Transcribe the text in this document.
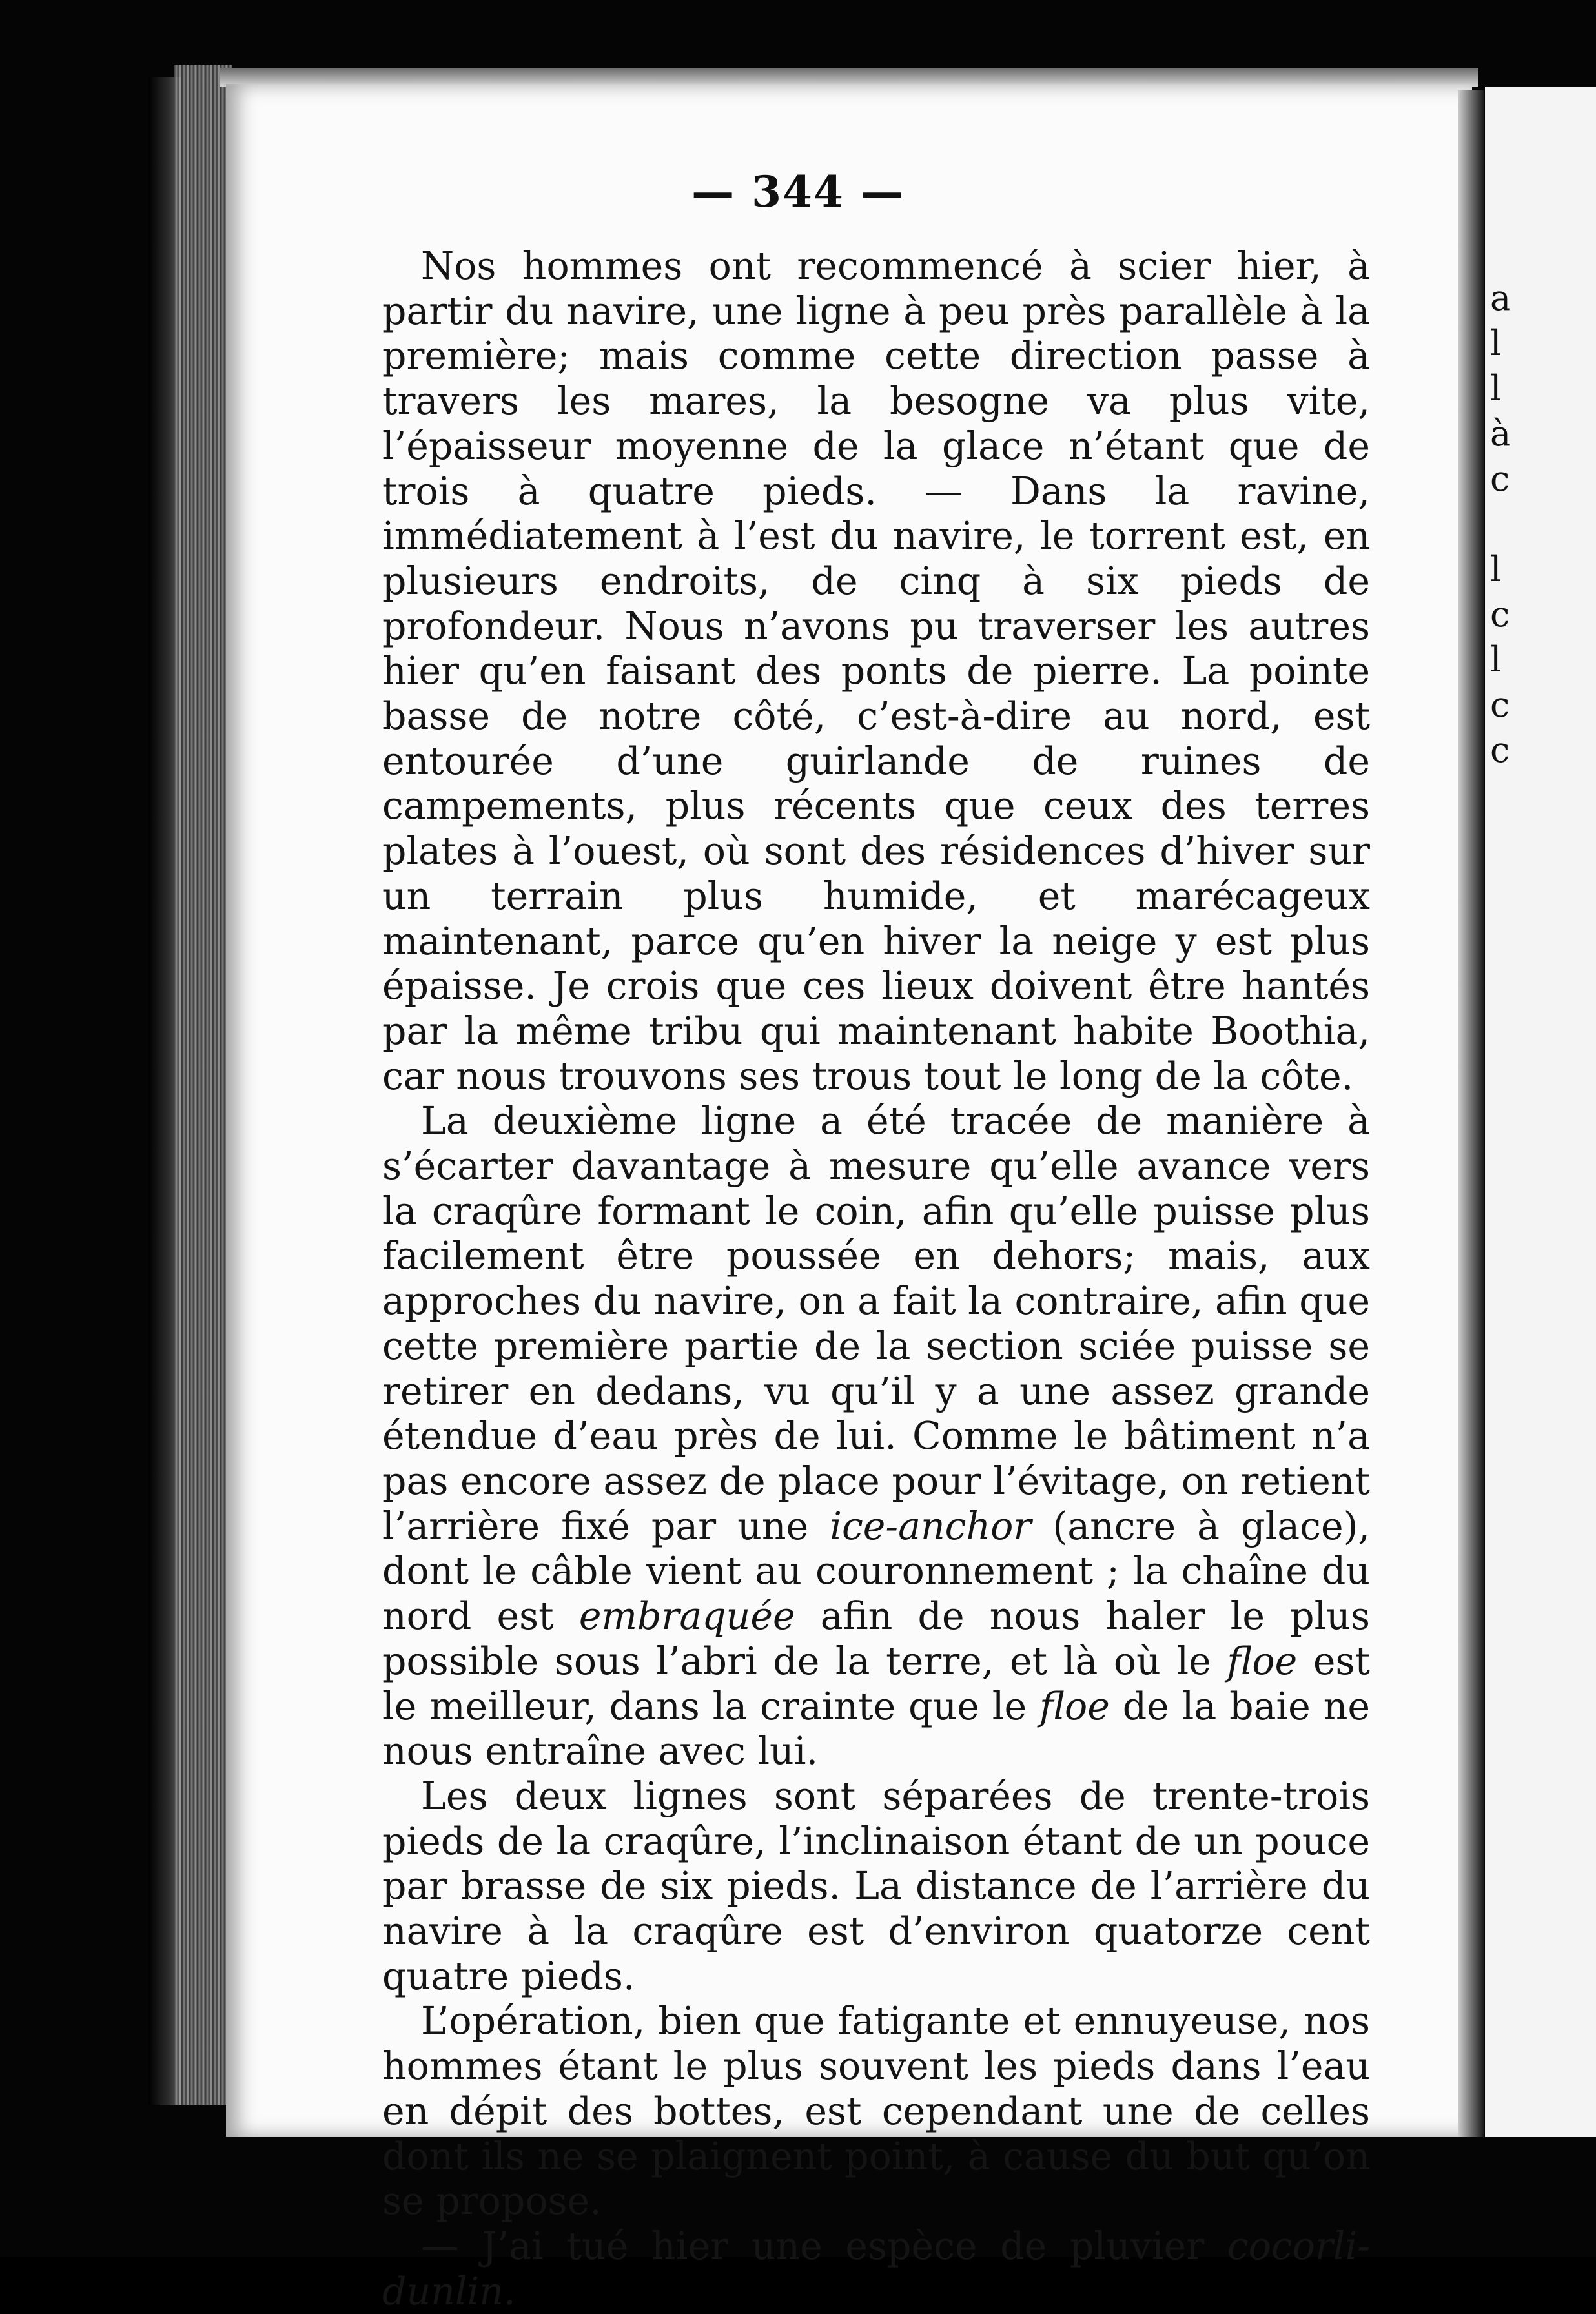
— 344 —

Nos hommes ont recommencé à scier hier, à partir du navire, une ligne à peu près parallèle à la première; mais comme cette direction passe à travers les mares, la besogne va plus vite, l’épaisseur moyenne de la glace n’étant que de trois à quatre pieds. — Dans la ravine, immédiatement à l’est du navire, le torrent est, en plusieurs endroits, de cinq à six pieds de profondeur. Nous n’avons pu traverser les autres hier qu’en faisant des ponts de pierre. La pointe basse de notre côté, c’est-à-dire au nord, est entourée d’une guirlande de ruines de campements, plus récents que ceux des terres plates à l’ouest, où sont des résidences d’hiver sur un terrain plus humide, et marécageux maintenant, parce qu’en hiver la neige y est plus épaisse. Je crois que ces lieux doivent être hantés par la même tribu qui maintenant habite Boothia, car nous trouvons ses trous tout le long de la côte.

La deuxième ligne a été tracée de manière à s’écarter davantage à mesure qu’elle avance vers la craqûre formant le coin, afin qu’elle puisse plus facilement être poussée en dehors; mais, aux approches du navire, on a fait la contraire, afin que cette première partie de la section sciée puisse se retirer en dedans, vu qu’il y a une assez grande étendue d’eau près de lui. Comme le bâtiment n’a pas encore assez de place pour l’évitage, on retient l’arrière fixé par une ice-anchor (ancre à glace), dont le câble vient au couronnement ; la chaîne du nord est embraquée afin de nous haler le plus possible sous l’abri de la terre, et là où le floe est le meilleur, dans la crainte que le floe de la baie ne nous entraîne avec lui.

Les deux lignes sont séparées de trente-trois pieds de la craqûre, l’inclinaison étant de un pouce par brasse de six pieds. La distance de l’arrière du navire à la craqûre est d’environ quatorze cent quatre pieds.

L’opération, bien que fatigante et ennuyeuse, nos hommes étant le plus souvent les pieds dans l’eau en dépit des bottes, est cependant une de celles dont ils ne se plaignent point, à cause du but qu’on se propose.

— J’ai tué hier une espèce de pluvier cocorli-dunlin.

a
l
l
à
c
l
c
l
c
c
